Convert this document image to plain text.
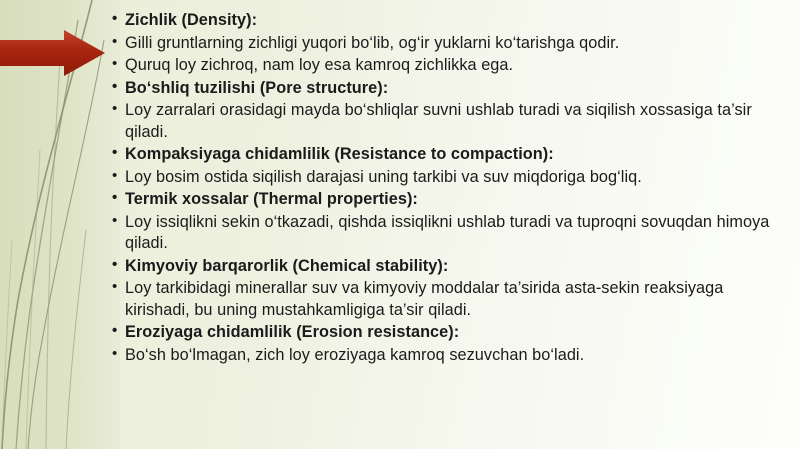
• Zichlik (Density):
• Gilli gruntlarning zichligi yuqori bo‘lib, og‘ir yuklarni ko‘tarishga qodir.
• Quruq loy zichroq, nam loy esa kamroq zichlikka ega.
• Bo‘shliq tuzilishi (Pore structure):
• Loy zarralari orasidagi mayda bo‘shliqlar suvni ushlab turadi va siqilish xossasiga ta’sir qiladi.
• Kompaksiyaga chidamlilik (Resistance to compaction):
• Loy bosim ostida siqilish darajasi uning tarkibi va suv miqdoriga bog‘liq.
• Termik xossalar (Thermal properties):
• Loy issiqlikni sekin o‘tkazadi, qishda issiqlikni ushlab turadi va tuproqni sovuqdan himoya qiladi.
• Kimyoviy barqarorlik (Chemical stability):
• Loy tarkibidagi minerallar suv va kimyoviy moddalar ta’sirida asta-sekin reaksiyaga kirishadi, bu uning mustahkamligiga ta’sir qiladi.
• Eroziyaga chidamlilik (Erosion resistance):
• Bo‘sh bo‘lmagan, zich loy eroziyaga kamroq sezuvchan bo‘ladi.
